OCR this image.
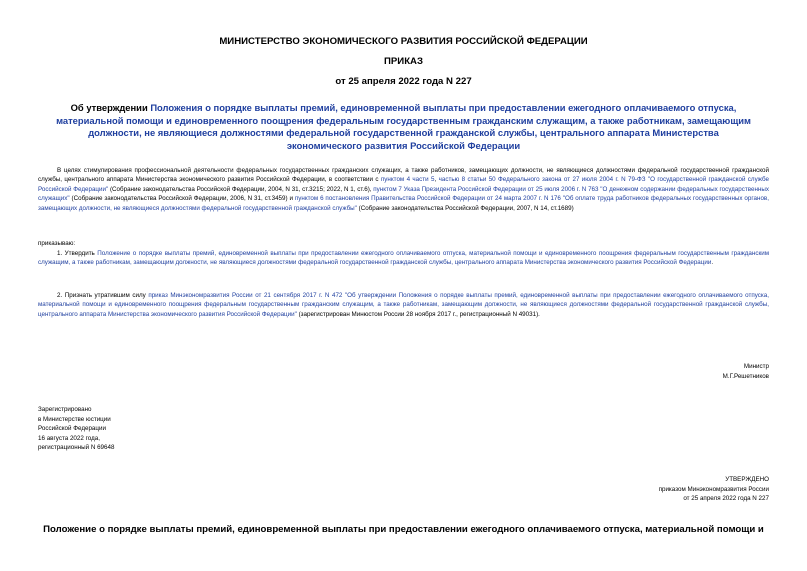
МИНИСТЕРСТВО ЭКОНОМИЧЕСКОГО РАЗВИТИЯ РОССИЙСКОЙ ФЕДЕРАЦИИ
ПРИКАЗ
от 25 апреля 2022 года N 227
Об утверждении Положения о порядке выплаты премий, единовременной выплаты при предоставлении ежегодного оплачиваемого отпуска, материальной помощи и единовременного поощрения федеральным государственным гражданским служащим, а также работникам, замещающим должности, не являющиеся должностями федеральной государственной гражданской службы, центрального аппарата Министерства экономического развития Российской Федерации
В целях стимулирования профессиональной деятельности федеральных государственных гражданских служащих, а также работников, замещающих должности, не являющиеся должностями федеральной государственной гражданской службы, центрального аппарата Министерства экономического развития Российской Федерации, в соответствии с пунктом 4 части 5, частью 8 статьи 50 Федерального закона от 27 июля 2004 г. N 79-ФЗ "О государственной гражданской службе Российской Федерации" (Собрание законодательства Российской Федерации, 2004, N 31, ст.3215; 2022, N 1, ст.6), пунктом 7 Указа Президента Российской Федерации от 25 июля 2006 г. N 763 "О денежном содержании федеральных государственных служащих" (Собрание законодательства Российской Федерации, 2006, N 31, ст.3459) и пунктом 6 постановления Правительства Российской Федерации от 24 марта 2007 г. N 176 "Об оплате труда работников федеральных государственных органов, замещающих должности, не являющиеся должностями федеральной государственной гражданской службы" (Собрание законодательства Российской Федерации, 2007, N 14, ст.1689)
приказываю:
1. Утвердить Положение о порядке выплаты премий, единовременной выплаты при предоставлении ежегодного оплачиваемого отпуска, материальной помощи и единовременного поощрения федеральным государственным гражданским служащим, а также работникам, замещающим должности, не являющиеся должностями федеральной государственной гражданской службы, центрального аппарата Министерства экономического развития Российской Федерации.
2. Признать утратившим силу приказ Минэкономразвития России от 21 сентября 2017 г. N 472 "Об утверждении Положения о порядке выплаты премий, единовременной выплаты при предоставлении ежегодного оплачиваемого отпуска, материальной помощи и единовременного поощрения федеральным государственным гражданским служащим, а также работникам, замещающим должности, не являющиеся должностями федеральной государственной гражданской службы, центрального аппарата Министерства экономического развития Российской Федерации" (зарегистрирован Минюстом России 28 ноября 2017 г., регистрационный N 49031).
Министр
М.Г.Решетников
Зарегистрировано
в Министерстве юстиции
Российской Федерации
16 августа 2022 года,
регистрационный N 69648
УТВЕРЖДЕНО
приказом Минэкономразвития России
от 25 апреля 2022 года N 227
Положение о порядке выплаты премий, единовременной выплаты при предоставлении ежегодного оплачиваемого отпуска, материальной помощи и
